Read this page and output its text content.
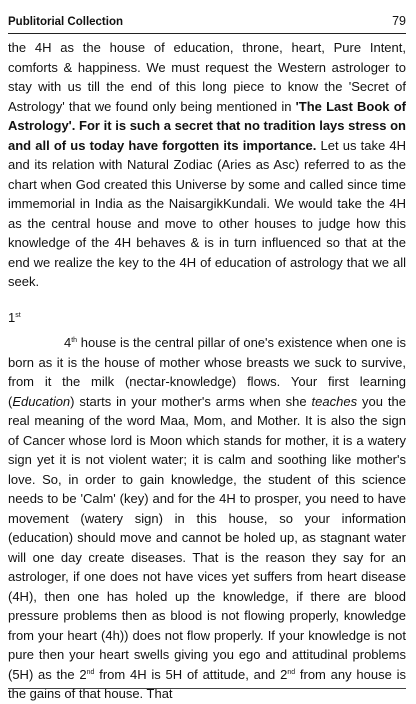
Publitorial Collection	79

the 4H as the house of education, throne, heart, Pure Intent, comforts & happiness. We must request the Western astrologer to stay with us till the end of this long piece to know the 'Secret of Astrology' that we found only being mentioned in 'The Last Book of Astrology'. For it is such a secret that no tradition lays stress on and all of us today have forgotten its importance. Let us take 4H and its relation with Natural Zodiac (Aries as Asc) referred to as the chart when God created this Universe by some and called since time immemorial in India as the NaisargikKundali. We would take the 4H as the central house and move to other houses to judge how this knowledge of the 4H behaves & is in turn influenced so that at the end we realize the key to the 4H of education of astrology that we all seek.

1st

4th house is the central pillar of one's existence when one is born as it is the house of mother whose breasts we suck to survive, from it the milk (nectar-knowledge) flows. Your first learning (Education) starts in your mother's arms when she teaches you the real meaning of the word Maa, Mom, and Mother. It is also the sign of Cancer whose lord is Moon which stands for mother, it is a watery sign yet it is not violent water; it is calm and soothing like mother's love. So, in order to gain knowledge, the student of this science needs to be 'Calm' (key) and for the 4H to prosper, you need to have movement (watery sign) in this house, so your information (education) should move and cannot be holed up, as stagnant water will one day create diseases. That is the reason they say for an astrologer, if one does not have vices yet suffers from heart disease (4H), then one has holed up the knowledge, if there are blood pressure problems then as blood is not flowing properly, knowledge from your heart (4h)) does not flow properly. If your knowledge is not pure then your heart swells giving you ego and attitudinal problems (5H) as the 2nd from 4H is 5H of attitude, and 2nd from any house is the gains of that house. That
